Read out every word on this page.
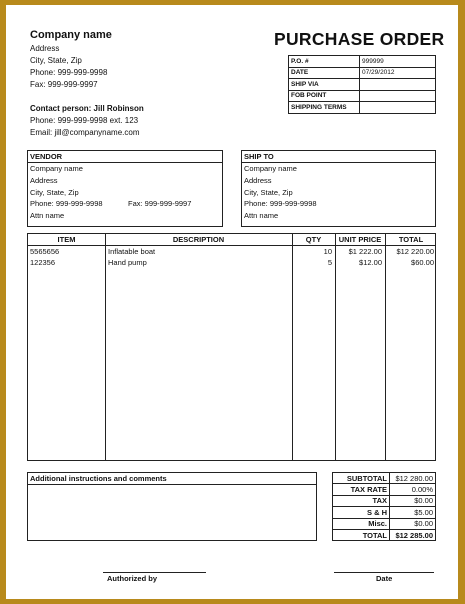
Company name
Address
City, State, Zip
Phone: 999-999-9998
Fax: 999-999-9997
Contact person: Jill Robinson
Phone: 999-999-9998 ext. 123
Email: jill@companyname.com
PURCHASE ORDER
P.O. #	999999
DATE	07/29/2012
SHIP VIA	
FOB POINT	
SHIPPING TERMS	
VENDOR
Company name
Address
City, State, Zip
Phone: 999-999-9998	Fax: 999-999-9997
Attn name
SHIP TO
Company name
Address
City, State, Zip
Phone: 999-999-9998
Attn name
ITEM	DESCRIPTION	QTY	UNIT PRICE	TOTAL
5565656	Inflatable boat	10	$1 222.00	$12 220.00
122356	Hand pump	5	$12.00	$60.00
Additional instructions and comments	SUBTOTAL	$12 280.00
TAX RATE	0.00%
TAX	$0.00
S & H	$5.00
Misc.	$0.00
TOTAL	$12 285.00
Authorized by	Date
